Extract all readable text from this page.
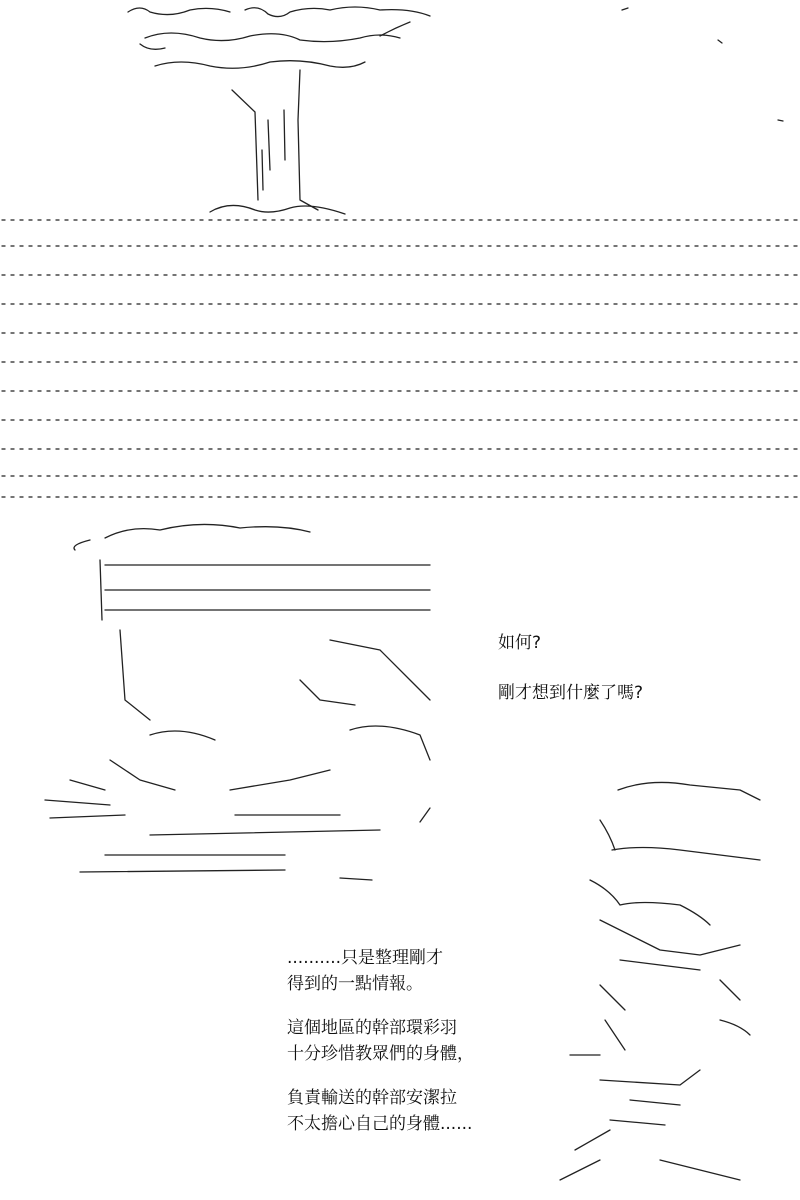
如何?

剛才想到什麼了嗎?

..........只是整理剛才

得到的一點情報。

這個地區的幹部環彩羽

十分珍惜教眾們的身體，

負責輸送的幹部安潔拉

不太擔心自己的身體......
